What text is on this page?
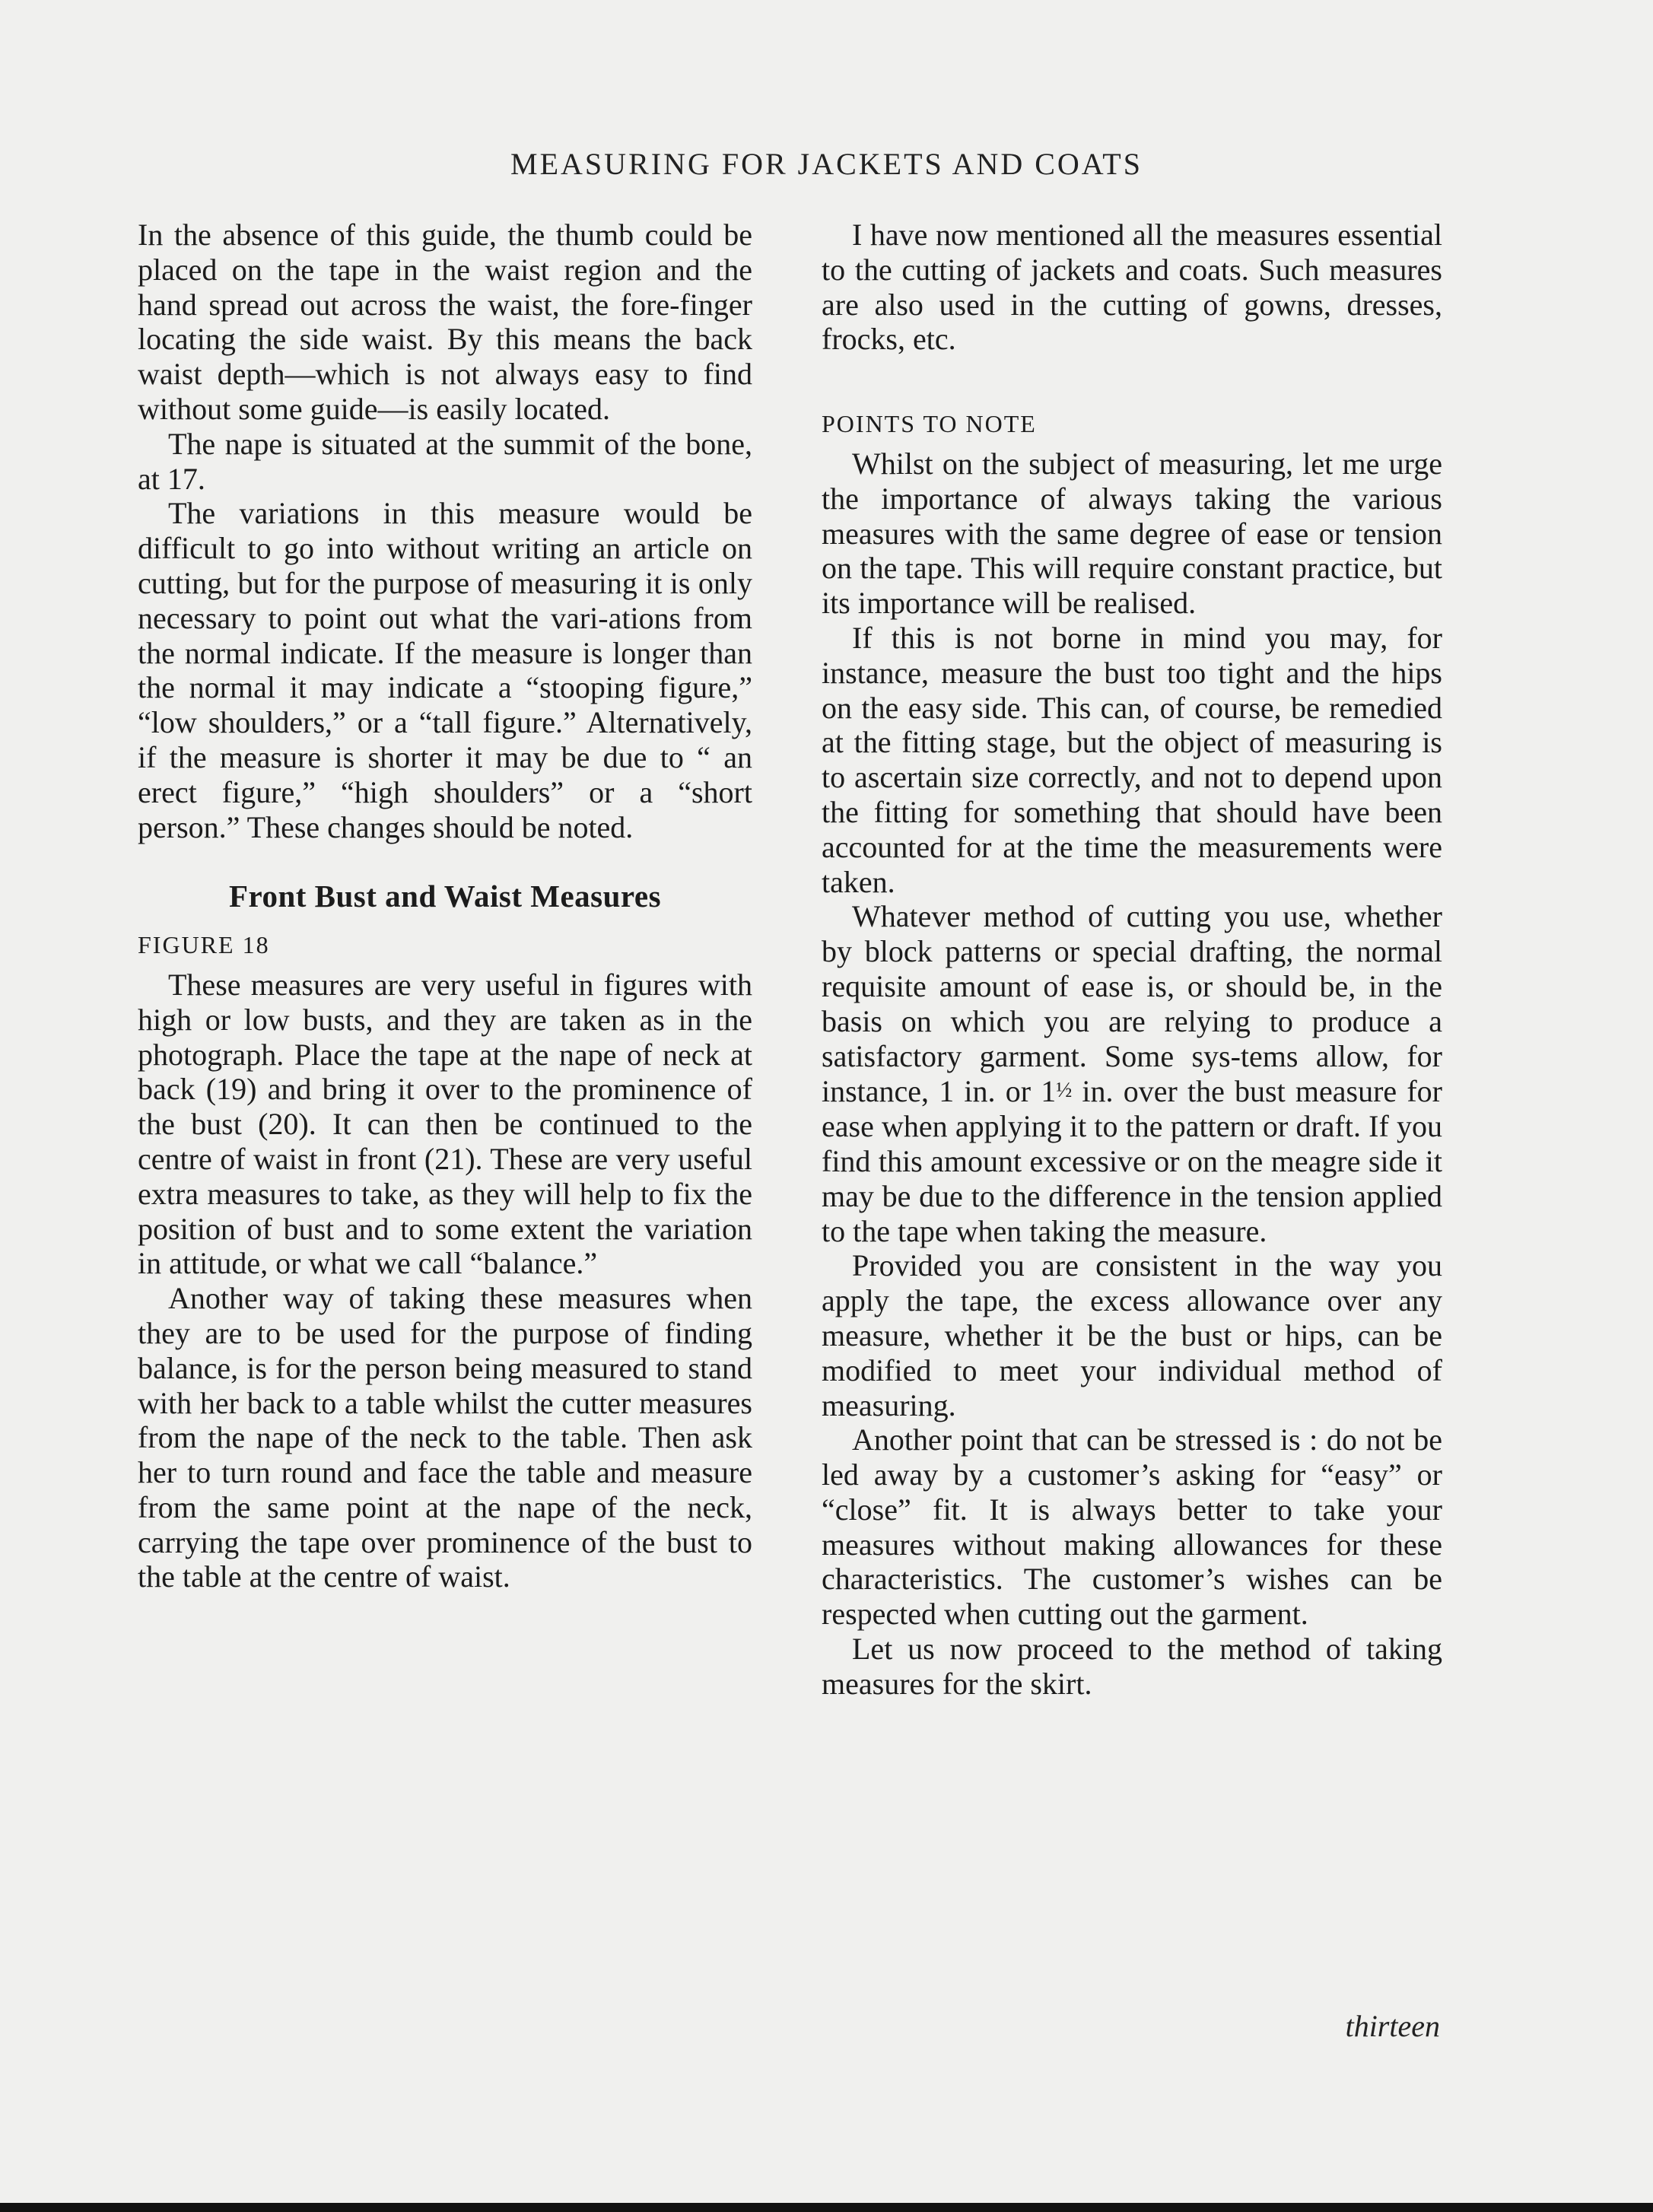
MEASURING FOR JACKETS AND COATS

In the absence of this guide, the thumb could be placed on the tape in the waist region and the hand spread out across the waist, the fore-finger locating the side waist. By this means the back waist depth—which is not always easy to find without some guide—is easily located.

The nape is situated at the summit of the bone, at 17.

The variations in this measure would be difficult to go into without writing an article on cutting, but for the purpose of measuring it is only necessary to point out what the vari-ations from the normal indicate. If the measure is longer than the normal it may indicate a “stooping figure,” “low shoulders,” or a “tall figure.” Alternatively, if the measure is shorter it may be due to “ an erect figure,” “high shoulders” or a “short person.” These changes should be noted.

Front Bust and Waist Measures
FIGURE 18

These measures are very useful in figures with high or low busts, and they are taken as in the photograph. Place the tape at the nape of neck at back (19) and bring it over to the prominence of the bust (20). It can then be continued to the centre of waist in front (21). These are very useful extra measures to take, as they will help to fix the position of bust and to some extent the variation in attitude, or what we call “balance.”

Another way of taking these measures when they are to be used for the purpose of finding balance, is for the person being measured to stand with her back to a table whilst the cutter measures from the nape of the neck to the table. Then ask her to turn round and face the table and measure from the same point at the nape of the neck, carrying the tape over prominence of the bust to the table at the centre of waist.

I have now mentioned all the measures essential to the cutting of jackets and coats. Such measures are also used in the cutting of gowns, dresses, frocks, etc.

POINTS TO NOTE

Whilst on the subject of measuring, let me urge the importance of always taking the various measures with the same degree of ease or tension on the tape. This will require constant practice, but its importance will be realised.

If this is not borne in mind you may, for instance, measure the bust too tight and the hips on the easy side. This can, of course, be remedied at the fitting stage, but the object of measuring is to ascertain size correctly, and not to depend upon the fitting for something that should have been accounted for at the time the measurements were taken.

Whatever method of cutting you use, whether by block patterns or special drafting, the normal requisite amount of ease is, or should be, in the basis on which you are relying to produce a satisfactory garment. Some sys-tems allow, for instance, 1 in. or 1½ in. over the bust measure for ease when applying it to the pattern or draft. If you find this amount excessive or on the meagre side it may be due to the difference in the tension applied to the tape when taking the measure.

Provided you are consistent in the way you apply the tape, the excess allowance over any measure, whether it be the bust or hips, can be modified to meet your individual method of measuring.

Another point that can be stressed is : do not be led away by a customer’s asking for “easy” or “close” fit. It is always better to take your measures without making allowances for these characteristics. The customer’s wishes can be respected when cutting out the garment.

Let us now proceed to the method of taking measures for the skirt.

thirteen
